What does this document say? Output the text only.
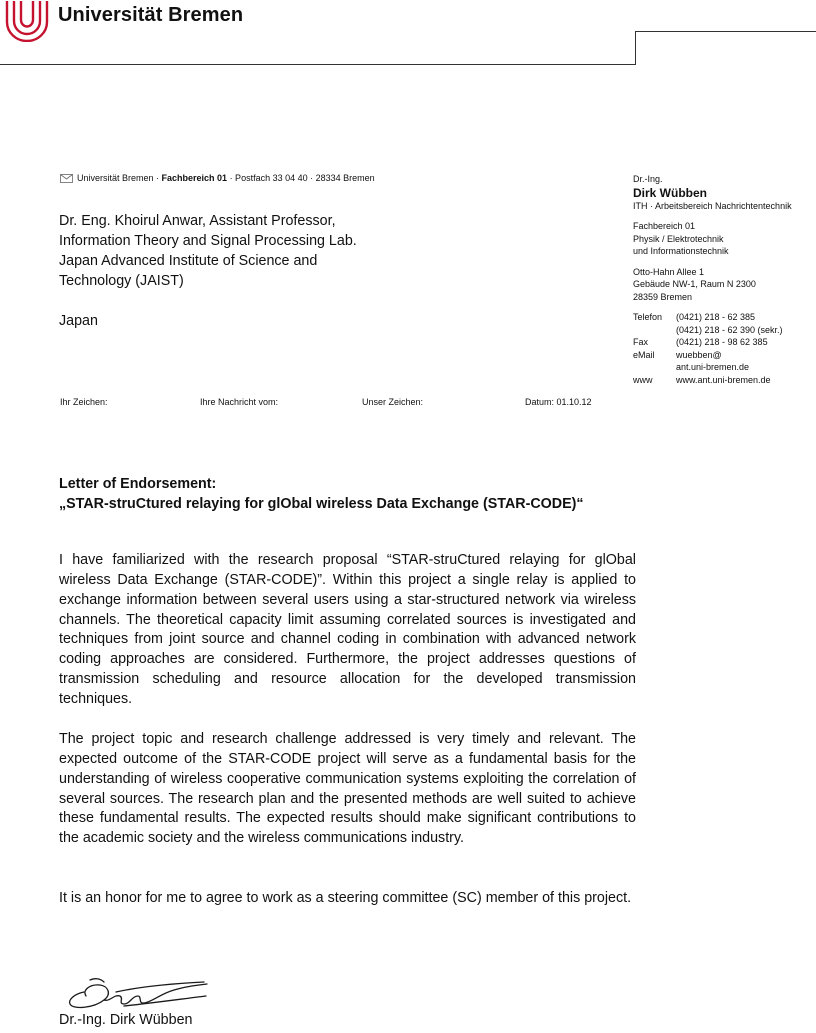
Universität Bremen
Universität Bremen · Fachbereich 01 · Postfach 33 04 40 · 28334 Bremen
Dr. Eng. Khoirul Anwar, Assistant Professor,
Information Theory and Signal Processing Lab.
Japan Advanced Institute of Science and
Technology (JAIST)
Japan
Ihr Zeichen:	Ihre Nachricht vom:	Unser Zeichen:	Datum: 01.10.12
Dr.-Ing.
Dirk Wübben
ITH · Arbeitsbereich Nachrichtentechnik
Fachbereich 01
Physik / Elektrotechnik
und Informationstechnik
Otto-Hahn Allee 1
Gebäude NW-1, Raum N 2300
28359 Bremen
Telefon	(0421) 218 - 62 385
(0421) 218 - 62 390 (sekr.)
Fax	(0421) 218 - 98 62 385
eMail	wuebben@
ant.uni-bremen.de
www	www.ant.uni-bremen.de
Letter of Endorsement:
„STAR-struCtured relaying for glObal wireless Data Exchange (STAR-CODE)“
I have familiarized with the research proposal “STAR-struCtured relaying for glObal wireless Data Exchange (STAR-CODE)”. Within this project a single relay is applied to exchange information between several users using a star-structured network via wireless channels. The theoretical capacity limit assuming correlated sources is investigated and techniques from joint source and channel coding in combination with advanced network coding approaches are considered. Furthermore, the project addresses questions of transmission scheduling and resource allocation for the developed transmission techniques.
The project topic and research challenge addressed is very timely and relevant. The expected outcome of the STAR-CODE project will serve as a fundamental basis for the understanding of wireless cooperative communication systems exploiting the correlation of several sources. The research plan and the presented methods are well suited to achieve these fundamental results. The expected results should make significant contributions to the academic society and the wireless communications industry.
It is an honor for me to agree to work as a steering committee (SC) member of this project.
Dr.-Ing. Dirk Wübben
